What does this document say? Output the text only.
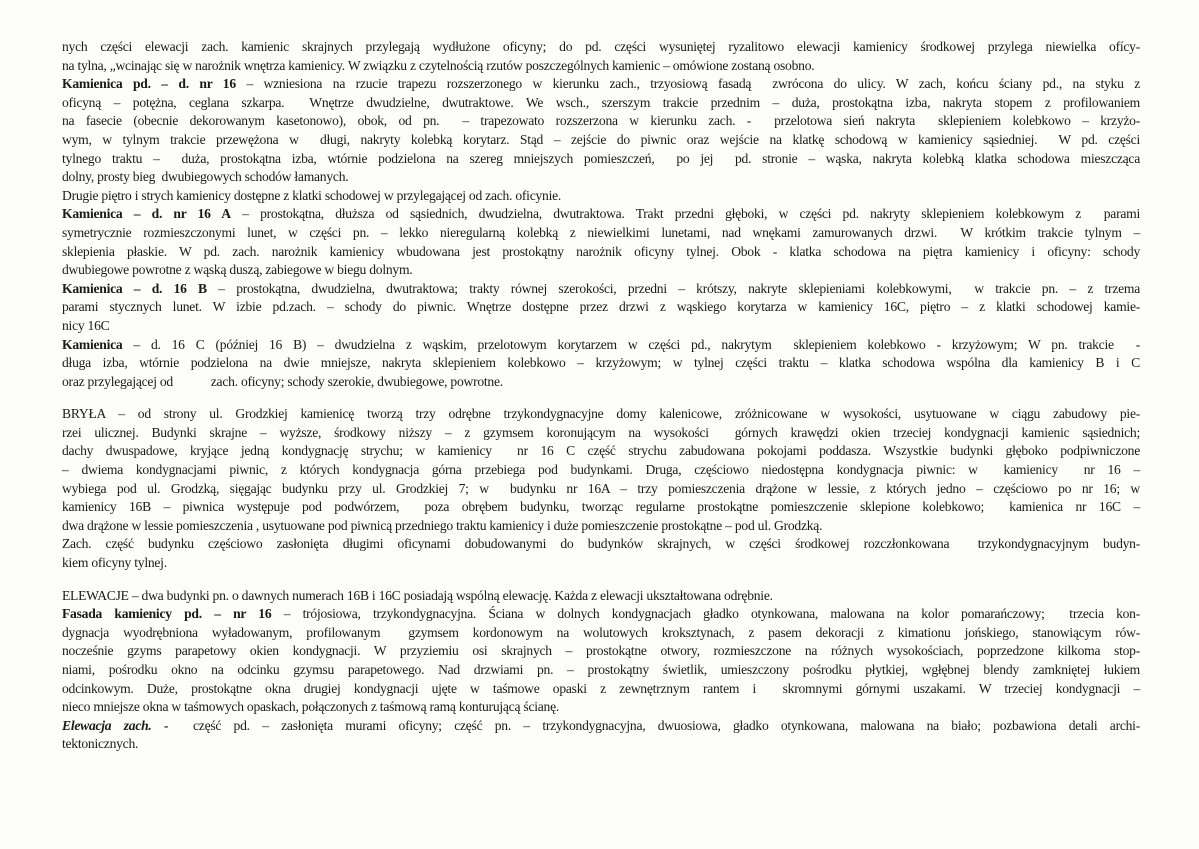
nych części elewacji zach. kamienic skrajnych przylegają wydłużone oficyny; do pd. części wysuniętej ryzalitowo elewacji kamienicy środkowej przylega niewielka ofícy-
na tylna, „wcinając się w narożnik wnętrza kamienicy. W związku z czytelnością rzutów poszczególnych kamienic – omówione zostaną osobno.
Kamienica pd. – d. nr 16 – wzniesiona na rzucie trapezu rozszerzonego w kierunku zach., trzyosiową fasadą  zwrócona do ulicy. W zach, końcu ściany pd., na styku z
oficyną – potężna, ceglana szkarpa.  Wnętrze dwudzielne, dwutraktowe. We wsch., szerszym trakcie przednim – duża, prostokątna izba, nakryta stopem z profilowaniem
na fasecie (obecnie dekorowanym kasetonowo), obok, od pn.  – trapezowato rozszerzona w kierunku zach. -  przelotowa sień nakryta  sklepieniem kolebkowo – krzyżo-
wym, w tylnym trakcie przewężona w  długi, nakryty kolebką korytarz. Stąd – zejście do piwnic oraz wejście na klatkę schodową w kamienicy sąsiedniej.  W pd. części
tylnego traktu –  duża, prostokątna izba, wtórnie podzielona na szereg mniejszych pomieszczeń,  po jej  pd. stronie – wąska, nakryta kolebką klatka schodowa mieszcząca
dolny, prosty bieg  dwubiegowych schodów łamanych.
Drugie piętro i strych kamienicy dostępne z klatki schodowej w przylegającej od zach. oficynie.
Kamienica – d. nr 16 A – prostokątna, dłuższa od sąsiednich, dwudzielna, dwutraktowa. Trakt przedni głęboki, w części pd. nakryty sklepieniem kolebkowym z  parami
symetrycznie rozmieszczonymi lunet, w części pn. – lekko nieregularną kolebką z niewielkimi lunetami, nad wnękami zamurowanych drzwi.  W krótkim trakcie tylnym –
sklepienia płaskie. W pd. zach. narożnik kamienicy wbudowana jest prostokątny narożnik oficyny tylnej. Obok - klatka schodowa na piętra kamienicy i oficyny: schody
dwubiegowe powrotne z wąską duszą, zabiegowe w biegu dolnym.
Kamienica – d. 16 B – prostokątna, dwudzielna, dwutraktowa; trakty równej szerokości, przedni – krótszy, nakryte sklepieniami kolebkowymi,  w trakcie pn. – z trzema
parami stycznych lunet. W izbie pd.zach. – schody do piwnic. Wnętrze dostępne przez drzwi z wąskiego korytarza w kamienicy 16C, piętro – z klatki schodowej kamie-
nicy 16C
Kamienica – d. 16 C (później 16 B) – dwudzielna z wąskim, przelotowym korytarzem w części pd., nakrytym  sklepieniem kolebkowo - krzyżowym; W pn. trakcie  -
długa izba, wtórnie podzielona na dwie mniejsze, nakryta sklepieniem kolebkowo – krzyżowym; w tylnej części traktu – klatka schodowa wspólna dla kamienicy B i C
oraz przylegającej od            zach. oficyny; schody szerokie, dwubiegowe, powrotne.
BRYŁA – od strony ul. Grodzkiej kamienicę tworzą trzy odrębne trzykondygnacyjne domy kalenicowe, zróżnicowane w wysokości, usytuowane w ciągu zabudowy pie-
rzei ulicznej. Budynki skrajne – wyższe, środkowy niższy – z gzymsem koronującym na wysokości  górnych krawędzi okien trzeciej kondygnacji kamienic sąsiednich;
dachy dwuspadowe, kryjące jedną kondygnację strychu; w kamienicy  nr 16 C część strychu zabudowana pokojami poddasza. Wszystkie budynki głęboko podpiwniczone
– dwiema kondygnacjami piwnic, z których kondygnacja górna przebiega pod budynkami. Druga, częściowo niedostępna kondygnacja piwnic: w  kamienicy  nr 16 –
wybiega pod ul. Grodzką, sięgając budynku przy ul. Grodzkiej 7; w  budynku nr 16A – trzy pomieszczenia drążone w lessie, z których jedno – częściowo po nr 16; w
kamienicy 16B – piwnica występuje pod podwórzem,  poza obrębem budynku, tworząc regularne prostokątne pomieszczenie sklepione kolebkowo;  kamienica nr 16C –
dwa drążone w lessie pomieszczenia , usytuowane pod piwnicą przedniego traktu kamienicy i duże pomieszczenie prostokątne – pod ul. Grodzką.
Zach. część budynku częściowo zasłonięta długimi oficynami dobudowanymi do budynków skrajnych, w części środkowej rozczłonkowana  trzykondygnacyjnym budyn-
kiem oficyny tylnej.
ELEWACJE – dwa budynki pn. o dawnych numerach 16B i 16C posiadają wspólną elewację. Każda z elewacji ukształtowana odrębnie.
Fasada kamienicy pd. – nr 16 – trójosiowa, trzykondygnacyjna. Ściana w dolnych kondygnacjach gładko otynkowana, malowana na kolor pomarańczowy;  trzecia kon-
dygnacja wyodrębniona wyładowanym, profilowanym  gzymsem kordonowym na wolutowych kroksztynach, z pasem dekoracji z kimationu jońskiego, stanowiącym rów-
nocześnie gzyms parapetowy okien kondygnacji. W przyziemiu osi skrajnych – prostokątne otwory, rozmieszczone na różnych wysokościach, poprzedzone kilkoma stop-
niami, pośrodku okno na odcinku gzymsu parapetowego. Nad drzwiami pn. – prostokątny świetlik, umieszczony pośrodku płytkiej, wgłębnej blendy zamkniętej łukiem
odcinkowym. Duże, prostokątne okna drugiej kondygnacji ujęte w taśmowe opaski z zewnętrznym rantem i  skromnymi górnymi uszakami. W trzeciej kondygnacji –
nieco mniejsze okna w taśmowych opaskach, połączonych z taśmową ramą konturującą ścianę.
Elewacja zach. -  część pd. – zasłonięta murami oficyny; część pn. – trzykondygnacyjna, dwuosiowa, gładko otynkowana, malowana na biało; pozbawiona detali archi-
tektonicznych.
